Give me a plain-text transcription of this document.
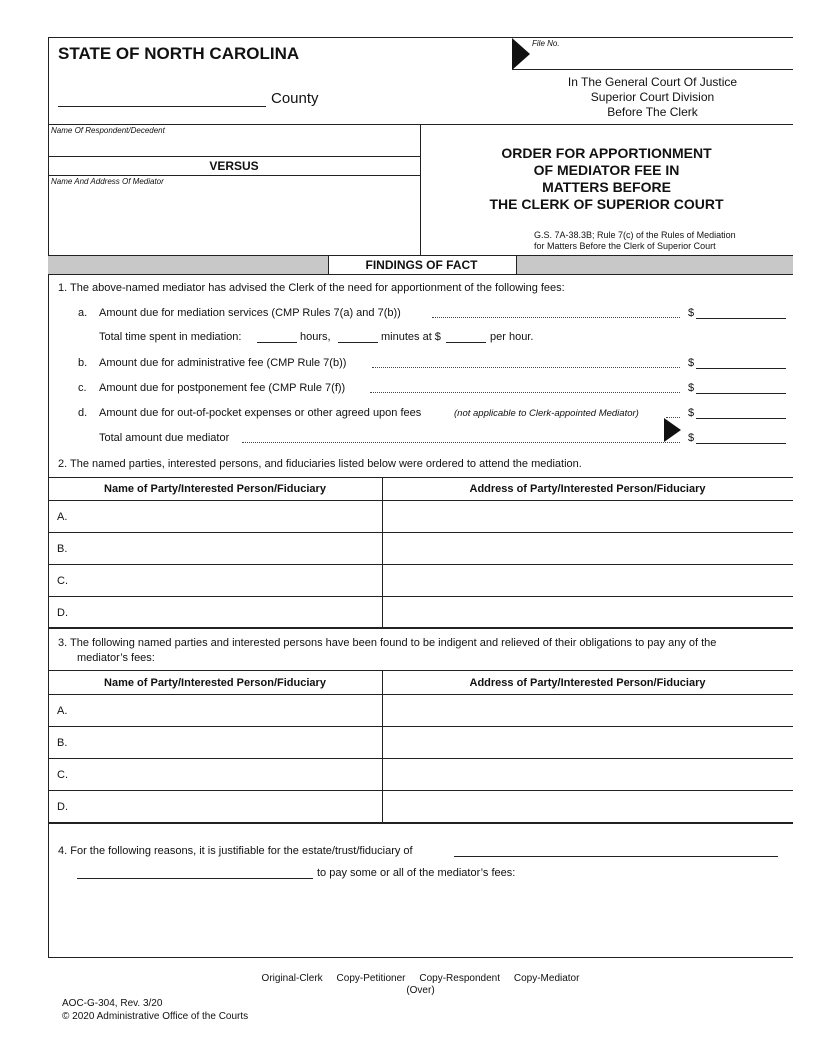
STATE OF NORTH CAROLINA
County
File No.
In The General Court Of Justice
Superior Court Division
Before The Clerk
Name Of Respondent/Decedent
VERSUS
Name And Address Of Mediator
ORDER FOR APPORTIONMENT
OF MEDIATOR FEE IN
MATTERS BEFORE
THE CLERK OF SUPERIOR COURT
G.S. 7A-38.3B; Rule 7(c) of the Rules of Mediation
for Matters Before the Clerk of Superior Court
FINDINGS OF FACT
1. The above-named mediator has advised the Clerk of the need for apportionment of the following fees:
a. Amount due for mediation services (CMP Rules 7(a) and 7(b))	$
Total time spent in mediation:	hours,	minutes at $	per hour.
b. Amount due for administrative fee (CMP Rule 7(b))	$
c. Amount due for postponement fee (CMP Rule 7(f))	$
d. Amount due for out-of-pocket expenses or other agreed upon fees	(not applicable to Clerk-appointed Mediator)	$
Total amount due mediator	$
2. The named parties, interested persons, and fiduciaries listed below were ordered to attend the mediation.
Name of Party/Interested Person/Fiduciary	Address of Party/Interested Person/Fiduciary
A.
B.
C.
D.
3. The following named parties and interested persons have been found to be indigent and relieved of their obligations to pay any of the
mediator’s fees:
Name of Party/Interested Person/Fiduciary	Address of Party/Interested Person/Fiduciary
A.
B.
C.
D.
4. For the following reasons, it is justifiable for the estate/trust/fiduciary of
to pay some or all of the mediator’s fees:
Original-Clerk     Copy-Petitioner     Copy-Respondent     Copy-Mediator
(Over)
AOC-G-304, Rev. 3/20
© 2020 Administrative Office of the Courts
